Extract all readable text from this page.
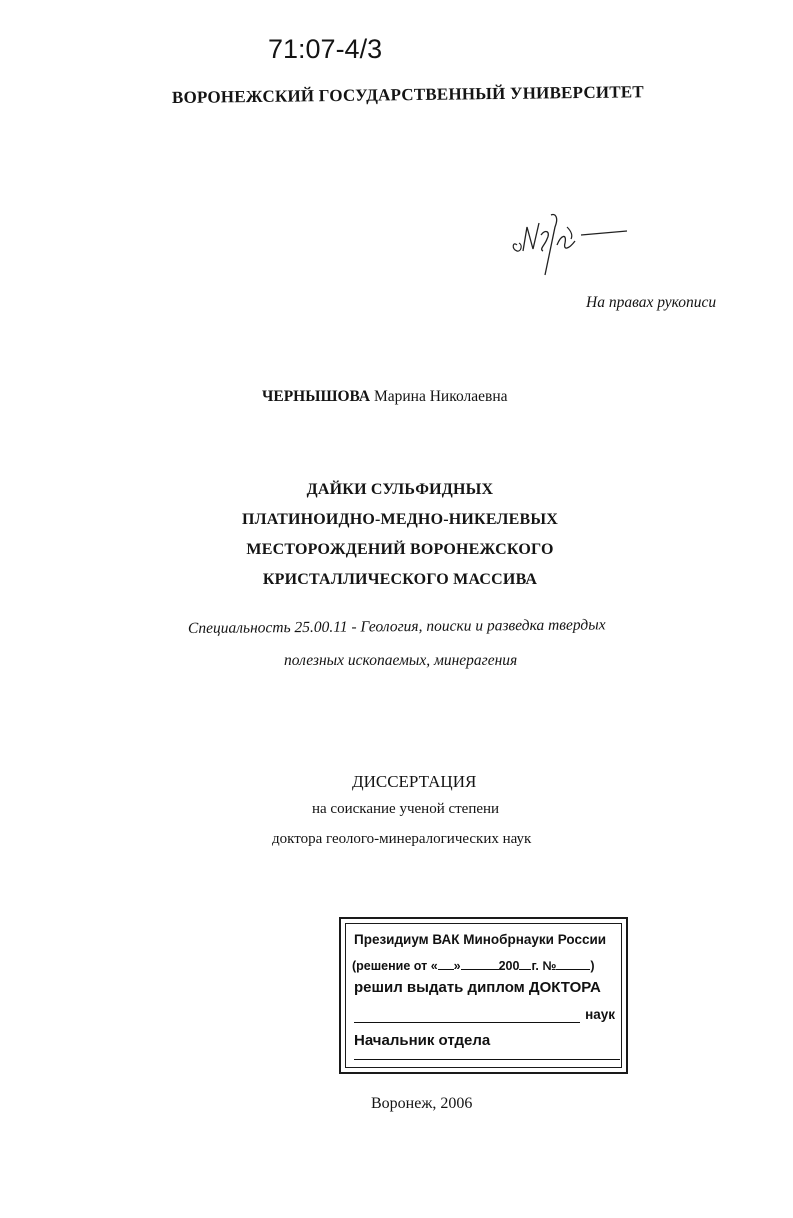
71:07-4/3
ВОРОНЕЖСКИЙ ГОСУДАРСТВЕННЫЙ УНИВЕРСИТЕТ
На правах рукописи
ЧЕРНЫШОВА Марина Николаевна
ДАЙКИ СУЛЬФИДНЫХ
ПЛАТИНОИДНО-МЕДНО-НИКЕЛЕВЫХ
МЕСТОРОЖДЕНИЙ ВОРОНЕЖСКОГО
КРИСТАЛЛИЧЕСКОГО МАССИВА
Специальность 25.00.11 - Геология, поиски и разведка твердых
полезных ископаемых, минерагения
ДИССЕРТАЦИЯ
на соискание ученой степени
доктора геолого-минералогических наук
Президиум ВАК Минобрнауки России
(решение от « »	200 г. №	)
решил выдать диплом ДОКТОРА
наук
Начальник отдела
Воронеж, 2006
